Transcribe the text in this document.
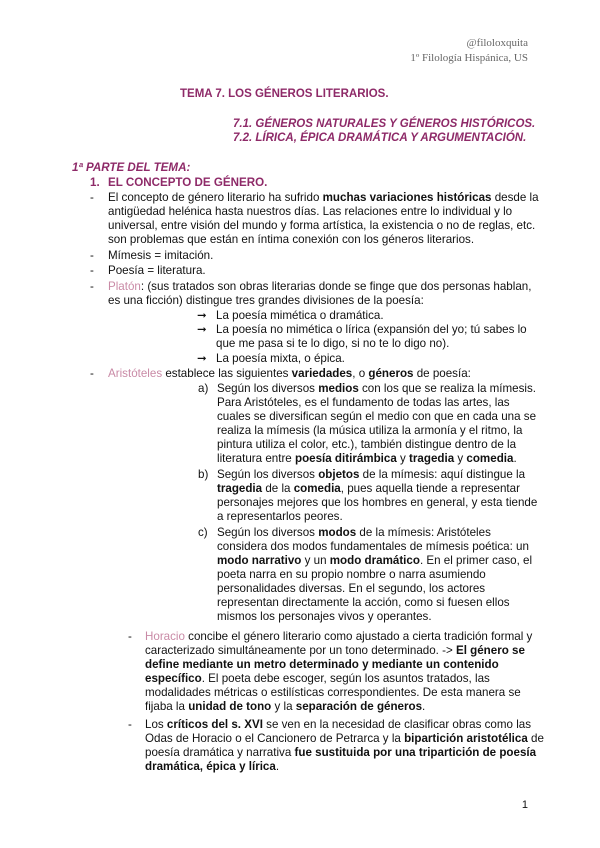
@filoloxquita
1º Filología Hispánica, US
TEMA 7. LOS GÉNEROS LITERARIOS.
7.1. GÉNEROS NATURALES Y GÉNEROS HISTÓRICOS.
7.2. LÍRICA, ÉPICA DRAMÁTICA Y ARGUMENTACIÓN.
1ª PARTE DEL TEMA:
1. EL CONCEPTO DE GÉNERO.
- El concepto de género literario ha sufrido muchas variaciones históricas desde la
antigüedad helénica hasta nuestros días. Las relaciones entre lo individual y lo
universal, entre visión del mundo y forma artística, la existencia o no de reglas, etc.
son problemas que están en íntima conexión con los géneros literarios.
- Mímesis = imitación.
- Poesía = literatura.
- Platón: (sus tratados son obras literarias donde se finge que dos personas hablan,
es una ficción) distingue tres grandes divisiones de la poesía:
➞ La poesía mimética o dramática.
➞ La poesía no mimética o lírica (expansión del yo; tú sabes lo
que me pasa si te lo digo, si no te lo digo no).
➞ La poesía mixta, o épica.
- Aristóteles establece las siguientes variedades, o géneros de poesía:
a) Según los diversos medios con los que se realiza la mímesis.
Para Aristóteles, es el fundamento de todas las artes, las
cuales se diversifican según el medio con que en cada una se
realiza la mímesis (la música utiliza la armonía y el ritmo, la
pintura utiliza el color, etc.), también distingue dentro de la
literatura entre poesía ditirámbica y tragedia y comedia.
b) Según los diversos objetos de la mímesis: aquí distingue la
tragedia de la comedia, pues aquella tiende a representar
personajes mejores que los hombres en general, y esta tiende
a representarlos peores.
c) Según los diversos modos de la mímesis: Aristóteles
considera dos modos fundamentales de mímesis poética: un
modo narrativo y un modo dramático. En el primer caso, el
poeta narra en su propio nombre o narra asumiendo
personalidades diversas. En el segundo, los actores
representan directamente la acción, como si fuesen ellos
mismos los personajes vivos y operantes.
- Horacio concibe el género literario como ajustado a cierta tradición formal y
caracterizado simultáneamente por un tono determinado. -> El género se
define mediante un metro determinado y mediante un contenido
específico. El poeta debe escoger, según los asuntos tratados, las
modalidades métricas o estilísticas correspondientes. De esta manera se
fijaba la unidad de tono y la separación de géneros.
- Los críticos del s. XVI se ven en la necesidad de clasificar obras como las
Odas de Horacio o el Cancionero de Petrarca y la bipartición aristotélica de
poesía dramática y narrativa fue sustituida por una tripartición de poesía
dramática, épica y lírica.
1
